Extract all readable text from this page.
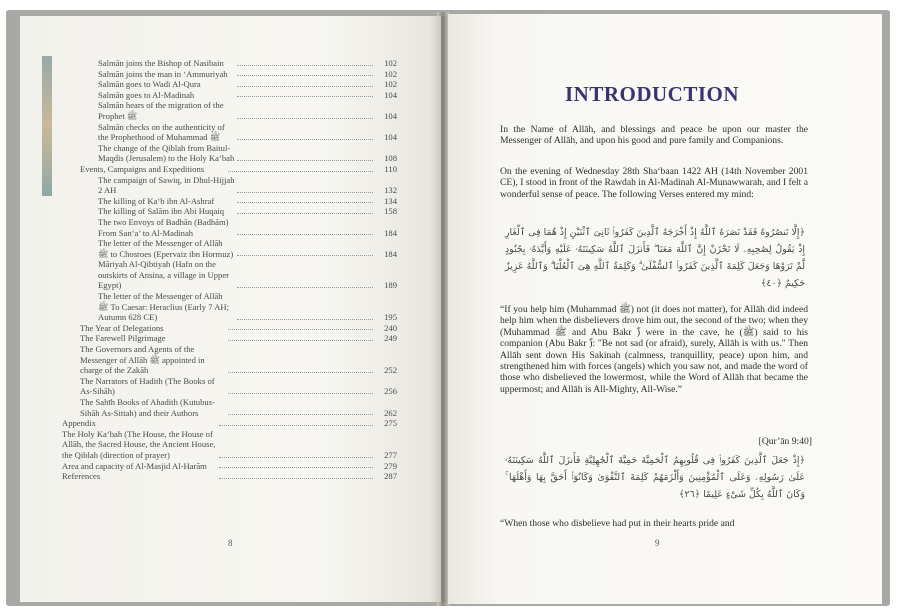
Salmān joins the Bishop of Nasibain	102
Salmān joins the man in ‘Ammuriyah	102
Salmān goes to Wadi Al-Qura	102
Salmān goes to Al-Madinah	104
Salmān hears of the migration of the Prophet ﷺ	104
Salmān checks on the authenticity of the Prophethood of Muhammad ﷺ	104
The change of the Qiblah from Baitul-Maqdis (Jerusalem) to the Holy Ka‘bah	108
Events, Campaigns and Expeditions	110
The campaign of Sawiq, in Dhul-Hijjah 2 AH	132
The killing of Ka‘b ibn Al-Ashraf	134
The killing of Salām ibn Abi Huqaiq	158
The two Envoys of Badhān (Badhām) From San‘a’ to Al-Madinah	184
The letter of the Messenger of Allāh ﷺ to Chosroes (Epervaiz ibn Hormuz)	184
Māriyah Al-Qibtiyah (Hafn on the outskirts of Ansina, a village in Upper Egypt)	189
The letter of the Messenger of Allāh ﷺ To Caesar: Heraclius (Early 7 AH; Autumn 628 CE)	195
The Year of Delegations	240
The Farewell Pilgrimage	249
The Governors and Agents of the Messenger of Allāh ﷺ appointed in charge of the Zakāh	252
The Narrators of Hadith (The Books of As-Sihāh)	256
The Sahīh Books of Ahadith (Kutubus-Sihāh As-Sittah) and their Authors	262
Appendix	275
The Holy Ka‘bah (The House, the House of Allāh, the Sacred House, the Ancient House, the Qiblah (direction of prayer)	277
Area and capacity of Al-Masjid Al-Harām	279
References	287
8
INTRODUCTION
In the Name of Allāh, and blessings and peace be upon our master the Messenger of Allāh, and upon his good and pure family and Companions.
On the evening of Wednesday 28th Sha‘baan 1422 AH (14th November 2001 CE), I stood in front of the Rawdah in Al-Madinah Al-Munawwarah, and I felt a wonderful sense of peace. The following Verses entered my mind:
﴿إِلَّا تَنصُرُوهُ فَقَدْ نَصَرَهُ ٱللَّهُ إِذْ أَخْرَجَهُ ٱلَّذِينَ كَفَرُوا۟ ثَانِىَ ٱثْنَيْنِ إِذْ هُمَا فِى ٱلْغَارِ إِذْ يَقُولُ لِصَٰحِبِهِۦ لَا تَحْزَنْ إِنَّ ٱللَّهَ مَعَنَا ۖ فَأَنزَلَ ٱللَّهُ سَكِينَتَهُۥ عَلَيْهِ وَأَيَّدَهُۥ بِجُنُودٍ لَّمْ تَرَوْهَا وَجَعَلَ كَلِمَةَ ٱلَّذِينَ كَفَرُوا۟ ٱلسُّفْلَىٰ ۗ وَكَلِمَةُ ٱللَّهِ هِىَ ٱلْعُلْيَا ۗ وَٱللَّهُ عَزِيزٌ حَكِيمٌ ﴿٤٠﴾
“If you help him (Muhammad ﷺ) not (it does not matter), for Allāh did indeed help him when the disbelievers drove him out, the second of the two; when they (Muhammad ﷺ and Abu Bakr ؓ) were in the cave, he (ﷺ) said to his companion (Abu Bakr ؓ): "Be not sad (or afraid), surely, Allāh is with us." Then Allāh sent down His Sakinah (calmness, tranquillity, peace) upon him, and strengthened him with forces (angels) which you saw not, and made the word of those who disbelieved the lowermost, while the Word of Allāh that became the uppermost; and Allāh is All-Mighty, All-Wise.”
[Qur’ān 9:40]
﴿إِذْ جَعَلَ ٱلَّذِينَ كَفَرُوا۟ فِى قُلُوبِهِمُ ٱلْحَمِيَّةَ حَمِيَّةَ ٱلْجَٰهِلِيَّةِ فَأَنزَلَ ٱللَّهُ سَكِينَتَهُۥ عَلَىٰ رَسُولِهِۦ وَعَلَى ٱلْمُؤْمِنِينَ وَأَلْزَمَهُمْ كَلِمَةَ ٱلتَّقْوَىٰ وَكَانُوٓا۟ أَحَقَّ بِهَا وَأَهْلَهَا ۚ وَكَانَ ٱللَّهُ بِكُلِّ شَىْءٍ عَلِيمًا ﴿٢٦﴾
“When those who disbelieve had put in their hearts pride and
9
